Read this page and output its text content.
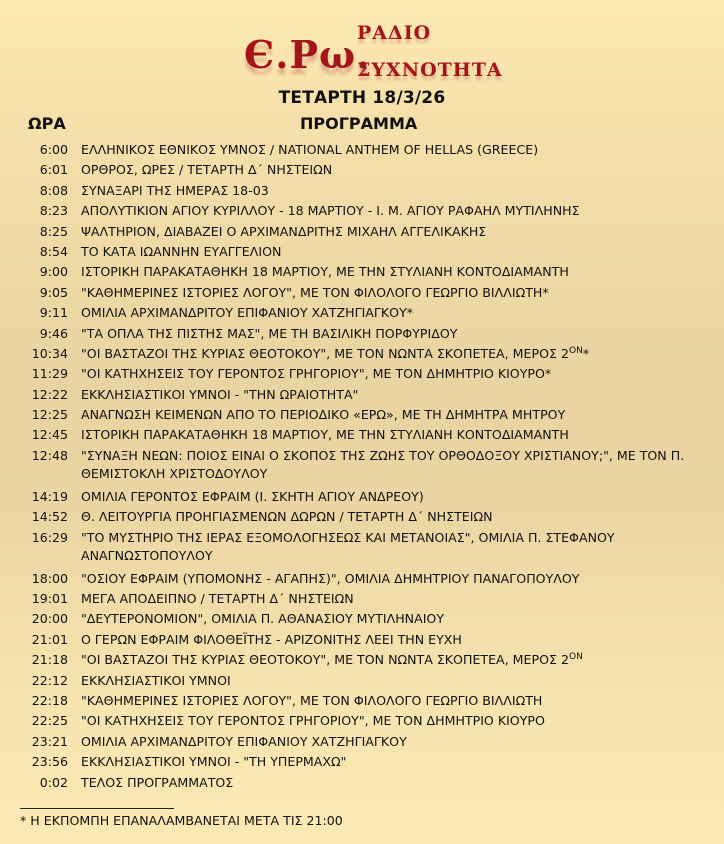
Є.Ρω.
ΡΑΔΙΟ
ΣΥΧΝΟΤΗΤΑ
ΤΕΤΑΡΤΗ 18/3/26
ΩΡΑ	ΠΡΟΓΡΑΜΜΑ
6:00 ΕΛΛΗΝΙΚΟΣ ΕΘΝΙΚΟΣ ΥΜΝΟΣ / NATIONAL ANTHEM OF HELLAS (GREECE)
6:01 ΟΡΘΡΟΣ, ΩΡΕΣ / ΤΕΤΑΡΤΗ Δ΄ ΝΗΣΤΕΙΩΝ
8:08 ΣΥΝΑΞΑΡΙ ΤΗΣ ΗΜΕΡΑΣ 18-03
8:23 ΑΠΟΛΥΤΙΚΙΟΝ ΑΓΙΟΥ ΚΥΡΙΛΛΟΥ - 18 ΜΑΡΤΙΟΥ - Ι. Μ. ΑΓΙΟΥ ΡΑΦΑΗΛ ΜΥΤΙΛΗΝΗΣ
8:25 ΨΑΛΤΗΡΙΟΝ, ΔΙΑΒΑΖΕΙ Ο ΑΡΧΙΜΑΝΔΡΙΤΗΣ ΜΙΧΑΗΛ ΑΓΓΕΛΙΚΑΚΗΣ
8:54 ΤΟ ΚΑΤΑ ΙΩΑΝΝΗΝ ΕΥΑΓΓΕΛΙΟΝ
9:00 ΙΣΤΟΡΙΚΗ ΠΑΡΑΚΑΤΑΘΗΚΗ 18 ΜΑΡΤΙΟΥ, ΜΕ ΤΗΝ ΣΤΥΛΙΑΝΗ ΚΟΝΤΟΔΙΑΜΑΝΤΗ
9:05 "ΚΑΘΗΜΕΡΙΝΕΣ ΙΣΤΟΡΙΕΣ ΛΟΓΟΥ", ΜΕ ΤΟΝ ΦΙΛΟΛΟΓΟ ΓΕΩΡΓΙΟ ΒΙΛΛΙΩΤΗ*
9:11 ΟΜΙΛΙΑ ΑΡΧΙΜΑΝΔΡΙΤΟΥ ΕΠΙΦΑΝΙΟΥ ΧΑΤΖΗΓΙΑΓΚΟΥ*
9:46 "ΤΑ ΟΠΛΑ ΤΗΣ ΠΙΣΤΗΣ ΜΑΣ", ΜΕ ΤΗ ΒΑΣΙΛΙΚΗ ΠΟΡΦΥΡΙΔΟΥ
10:34 "ΟΙ ΒΑΣΤΑΖΟΙ ΤΗΣ ΚΥΡΙΑΣ ΘΕΟΤΟΚΟΥ", ΜΕ ΤΟΝ ΝΩΝΤΑ ΣΚΟΠΕΤΕΑ, ΜΕΡΟΣ $2^{ON}*$
11:29 "ΟΙ ΚΑΤΗΧΗΣΕΙΣ ΤΟΥ ΓΕΡΟΝΤΟΣ ΓΡΗΓΟΡΙΟΥ", ΜΕ ΤΟΝ ΔΗΜΗΤΡΙΟ ΚΙΟΥΡΟ*
12:22 ΕΚΚΛΗΣΙΑΣΤΙΚΟΙ ΥΜΝΟΙ - "ΤΗΝ ΩΡΑΙΟΤΗΤΑ"
12:25 ΑΝΑΓΝΩΣΗ ΚΕΙΜΕΝΩΝ ΑΠΟ ΤΟ ΠΕΡΙΟΔΙΚΟ «ΕΡΩ», ΜΕ ΤΗ ΔΗΜΗΤΡΑ ΜΗΤΡΟΥ
12:45 ΙΣΤΟΡΙΚΗ ΠΑΡΑΚΑΤΑΘΗΚΗ 18 ΜΑΡΤΙΟΥ, ΜΕ ΤΗΝ ΣΤΥΛΙΑΝΗ ΚΟΝΤΟΔΙΑΜΑΝΤΗ
12:48 "ΣΥΝΑΞΗ ΝΕΩΝ: ΠΟΙΟΣ ΕΙΝΑΙ Ο ΣΚΟΠΟΣ ΤΗΣ ΖΩΗΣ ΤΟΥ ΟΡΘΟΔΟΞΟΥ ΧΡΙΣΤΙΑΝΟΥ;", ΜΕ ΤΟΝ Π. ΘΕΜΙΣΤΟΚΛΗ ΧΡΙΣΤΟΔΟΥΛΟΥ
14:19 ΟΜΙΛΙΑ ΓΕΡΟΝΤΟΣ ΕΦΡΑΙΜ (Ι. ΣΚΗΤΗ ΑΓΙΟΥ ΑΝΔΡΕΟΥ)
14:52 Θ. ΛΕΙΤΟΥΡΓΙΑ ΠΡΟΗΓΙΑΣΜΕΝΩΝ ΔΩΡΩΝ / ΤΕΤΑΡΤΗ Δ΄ ΝΗΣΤΕΙΩΝ
16:29 "ΤΟ ΜΥΣΤΗΡΙΟ ΤΗΣ ΙΕΡΑΣ ΕΞΟΜΟΛΟΓΗΣΕΩΣ ΚΑΙ ΜΕΤΑΝΟΙΑΣ", ΟΜΙΛΙΑ Π. ΣΤΕΦΑΝΟΥ ΑΝΑΓΝΩΣΤΟΠΟΥΛΟΥ
18:00 "ΟΣΙΟΥ ΕΦΡΑΙΜ (ΥΠΟΜΟΝΗΣ - ΑΓΑΠΗΣ)", ΟΜΙΛΙΑ ΔΗΜΗΤΡΙΟΥ ΠΑΝΑΓΟΠΟΥΛΟΥ
19:01 ΜΕΓΑ ΑΠΟΔΕΙΠΝΟ / ΤΕΤΑΡΤΗ Δ΄ ΝΗΣΤΕΙΩΝ
20:00 "ΔΕΥΤΕΡΟΝΟΜΙΟΝ", ΟΜΙΛΙΑ Π. ΑΘΑΝΑΣΙΟΥ ΜΥΤΙΛΗΝΑΙΟΥ
21:01 Ο ΓΕΡΩΝ ΕΦΡΑΙΜ ΦΙΛΟΘΕΪΤΗΣ - ΑΡΙΖΟΝΙΤΗΣ ΛΕΕΙ ΤΗΝ ΕΥΧΗ
21:18 "ΟΙ ΒΑΣΤΑΖΟΙ ΤΗΣ ΚΥΡΙΑΣ ΘΕΟΤΟΚΟΥ", ΜΕ ΤΟΝ ΝΩΝΤΑ ΣΚΟΠΕΤΕΑ, ΜΕΡΟΣ $2^{ON}$
22:12 ΕΚΚΛΗΣΙΑΣΤΙΚΟΙ ΥΜΝΟΙ
22:18 "ΚΑΘΗΜΕΡΙΝΕΣ ΙΣΤΟΡΙΕΣ ΛΟΓΟΥ", ΜΕ ΤΟΝ ΦΙΛΟΛΟΓΟ ΓΕΩΡΓΙΟ ΒΙΛΛΙΩΤΗ
22:25 "ΟΙ ΚΑΤΗΧΗΣΕΙΣ ΤΟΥ ΓΕΡΟΝΤΟΣ ΓΡΗΓΟΡΙΟΥ", ΜΕ ΤΟΝ ΔΗΜΗΤΡΙΟ ΚΙΟΥΡΟ
23:21 ΟΜΙΛΙΑ ΑΡΧΙΜΑΝΔΡΙΤΟΥ ΕΠΙΦΑΝΙΟΥ ΧΑΤΖΗΓΙΑΓΚΟΥ
23:56 ΕΚΚΛΗΣΙΑΣΤΙΚΟΙ ΥΜΝΟΙ - "ΤΗ ΥΠΕΡΜΑΧΩ"
0:02 ΤΕΛΟΣ ΠΡΟΓΡΑΜΜΑΤΟΣ
* Η ΕΚΠΟΜΠΗ ΕΠΑΝΑΛΑΜΒΑΝΕΤΑΙ ΜΕΤΑ ΤΙΣ 21:00
